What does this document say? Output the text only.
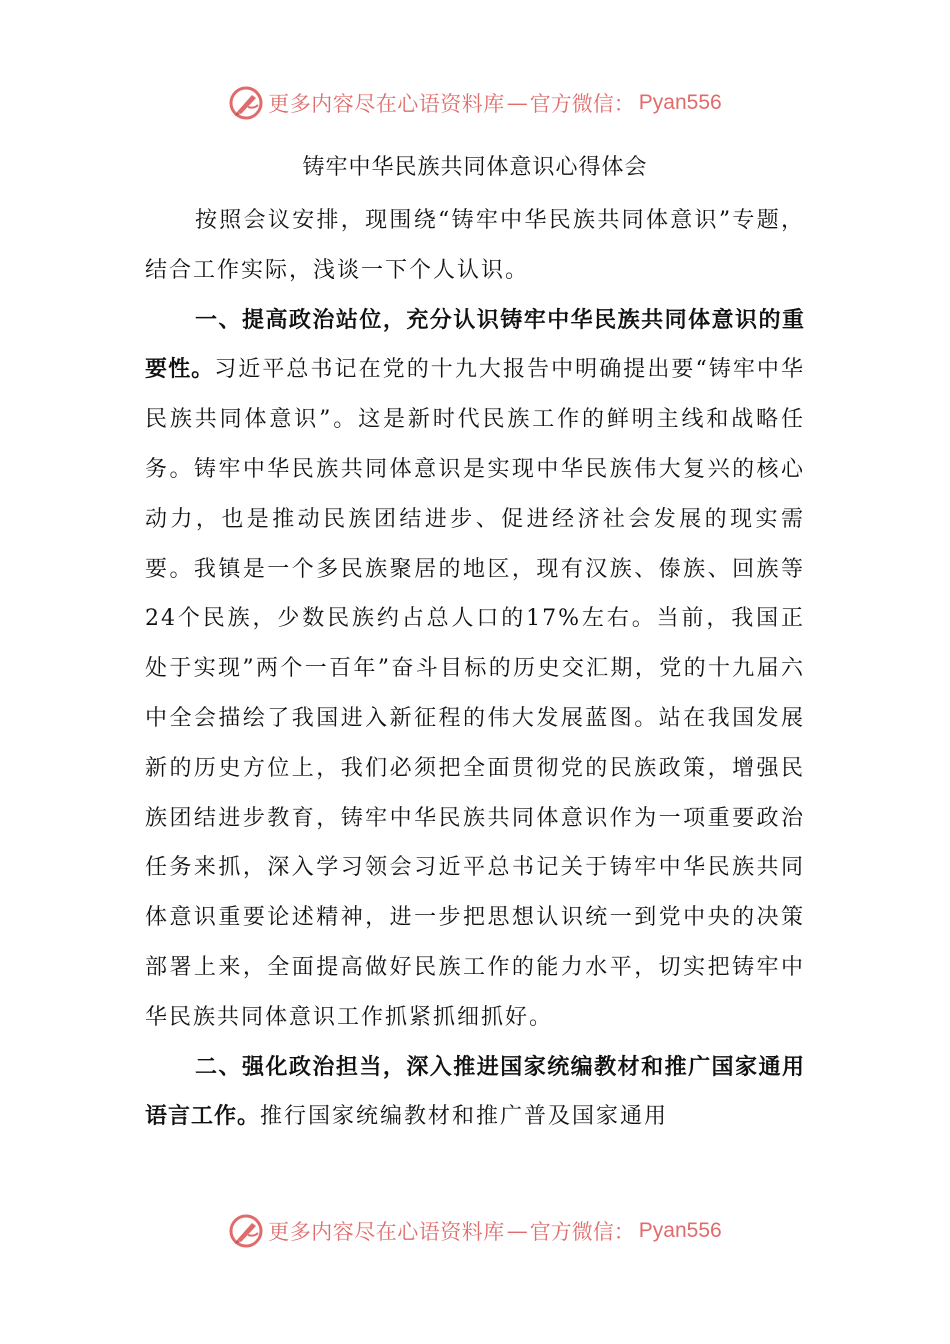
更多内容尽在心语资料库 — 官方微信： Pyan556
铸牢中华民族共同体意识心得体会

按照会议安排，现围绕“铸牢中华民族共同体意识”专题，结合工作实际，浅谈一下个人认识。

一、提高政治站位，充分认识铸牢中华民族共同体意识的重要性。习近平总书记在党的十九大报告中明确提出要“铸牢中华民族共同体意识”。这是新时代民族工作的鲜明主线和战略任务。铸牢中华民族共同体意识是实现中华民族伟大复兴的核心动力，也是推动民族团结进步、促进经济社会发展的现实需要。我镇是一个多民族聚居的地区，现有汉族、傣族、回族等24个民族，少数民族约占总人口的17%左右。当前，我国正处于实现”两个一百年”奋斗目标的历史交汇期，党的十九届六中全会描绘了我国进入新征程的伟大发展蓝图。站在我国发展新的历史方位上，我们必须把全面贯彻党的民族政策，增强民族团结进步教育，铸牢中华民族共同体意识作为一项重要政治任务来抓，深入学习领会习近平总书记关于铸牢中华民族共同体意识重要论述精神，进一步把思想认识统一到党中央的决策部署上来，全面提高做好民族工作的能力水平，切实把铸牢中华民族共同体意识工作抓紧抓细抓好。

二、强化政治担当，深入推进国家统编教材和推广国家通用语言工作。推行国家统编教材和推广普及国家通用

更多内容尽在心语资料库 — 官方微信： Pyan556
